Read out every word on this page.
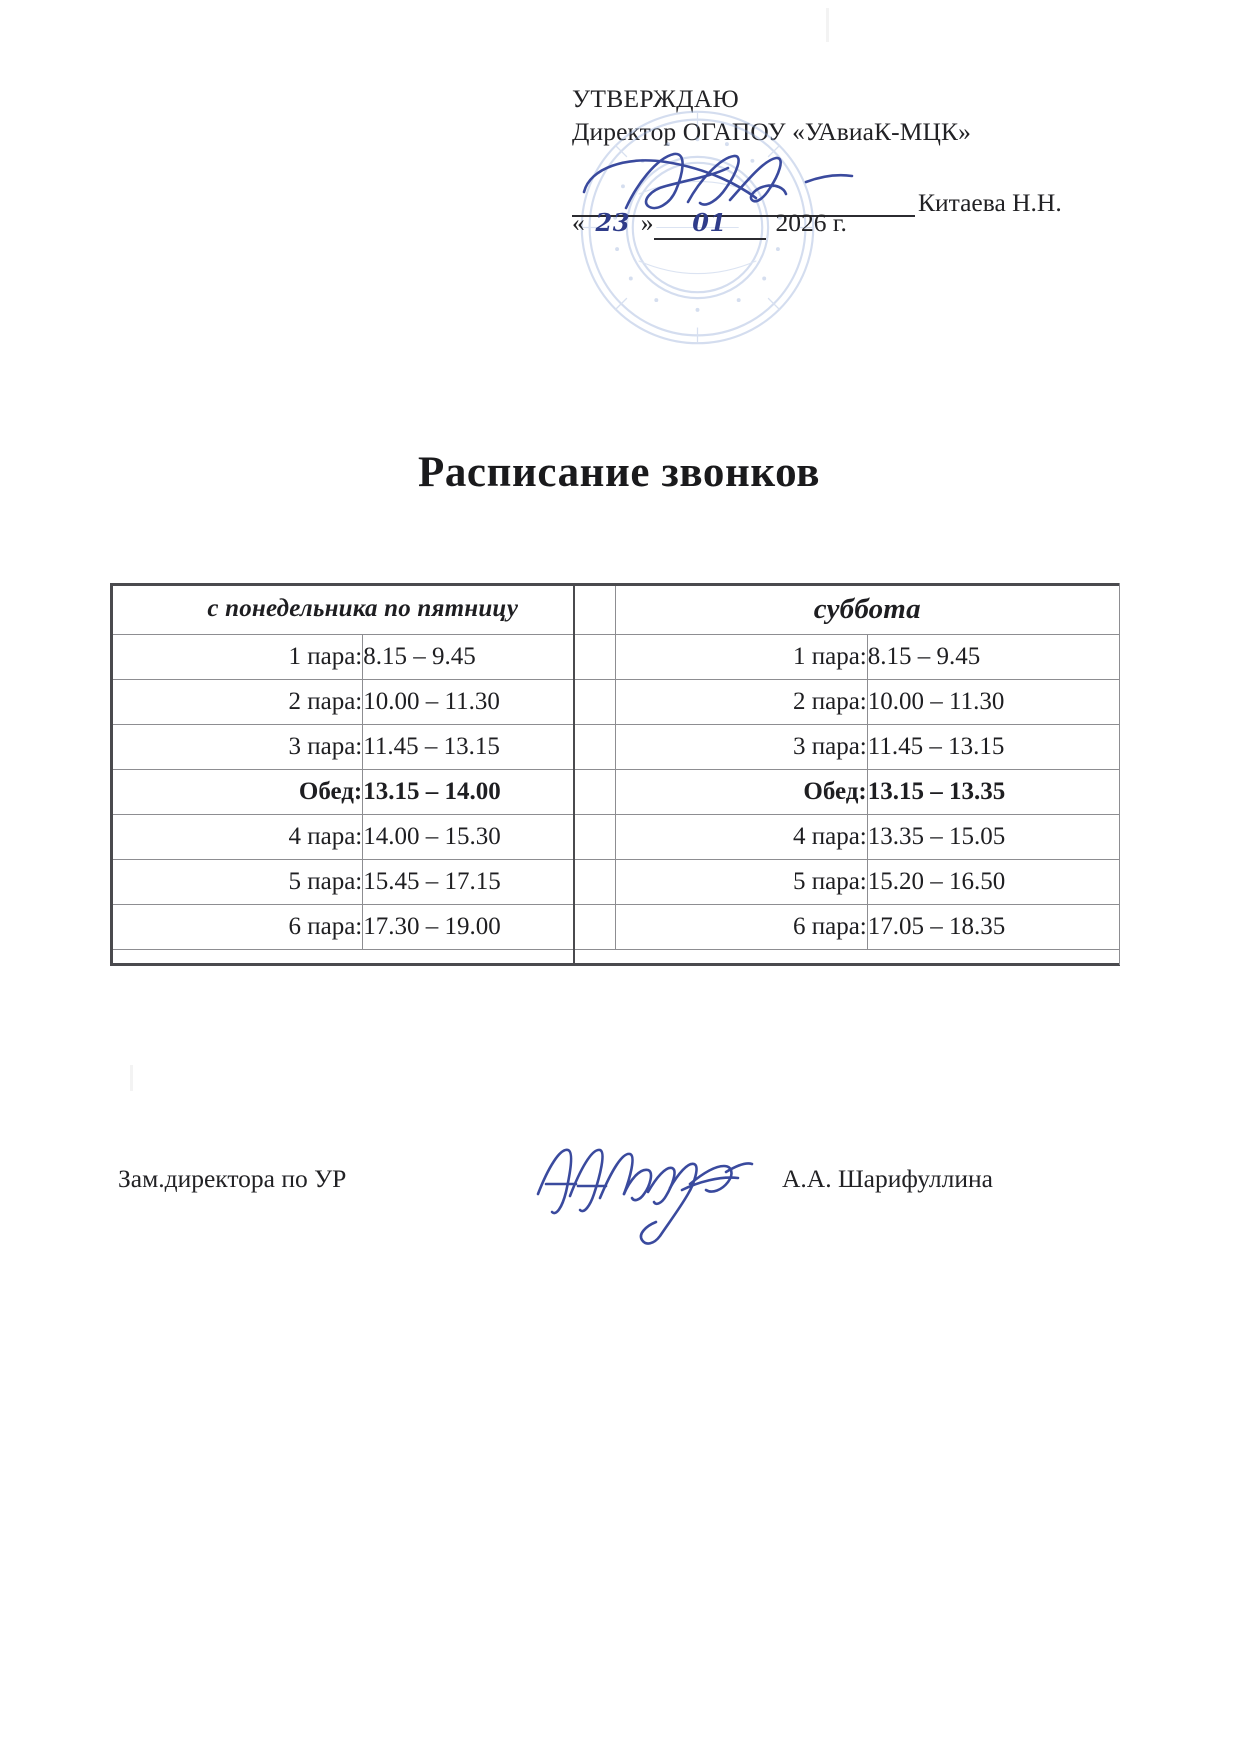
УТВЕРЖДАЮ
Директор ОГАПОУ «УАвиаК-МЦК»
Китаева Н.Н.
« 23 » 01 2026 г.
Расписание звонков
с понедельника по пятницу		суббота	
1 пара:	8.15 – 9.45	1 пара:	8.15 – 9.45
2 пара:	10.00 – 11.30	2 пара:	10.00 – 11.30
3 пара:	11.45 – 13.15	3 пара:	11.45 – 13.15
Обед:	13.15 – 14.00	Обед:	13.15 – 13.35
4 пара:	14.00 – 15.30	4 пара:	13.35 – 15.05
5 пара:	15.45 – 17.15	5 пара:	15.20 – 16.50
6 пара:	17.30 – 19.00	6 пара:	17.05 – 18.35
Зам.директора по УР	А.А. Шарифуллина
